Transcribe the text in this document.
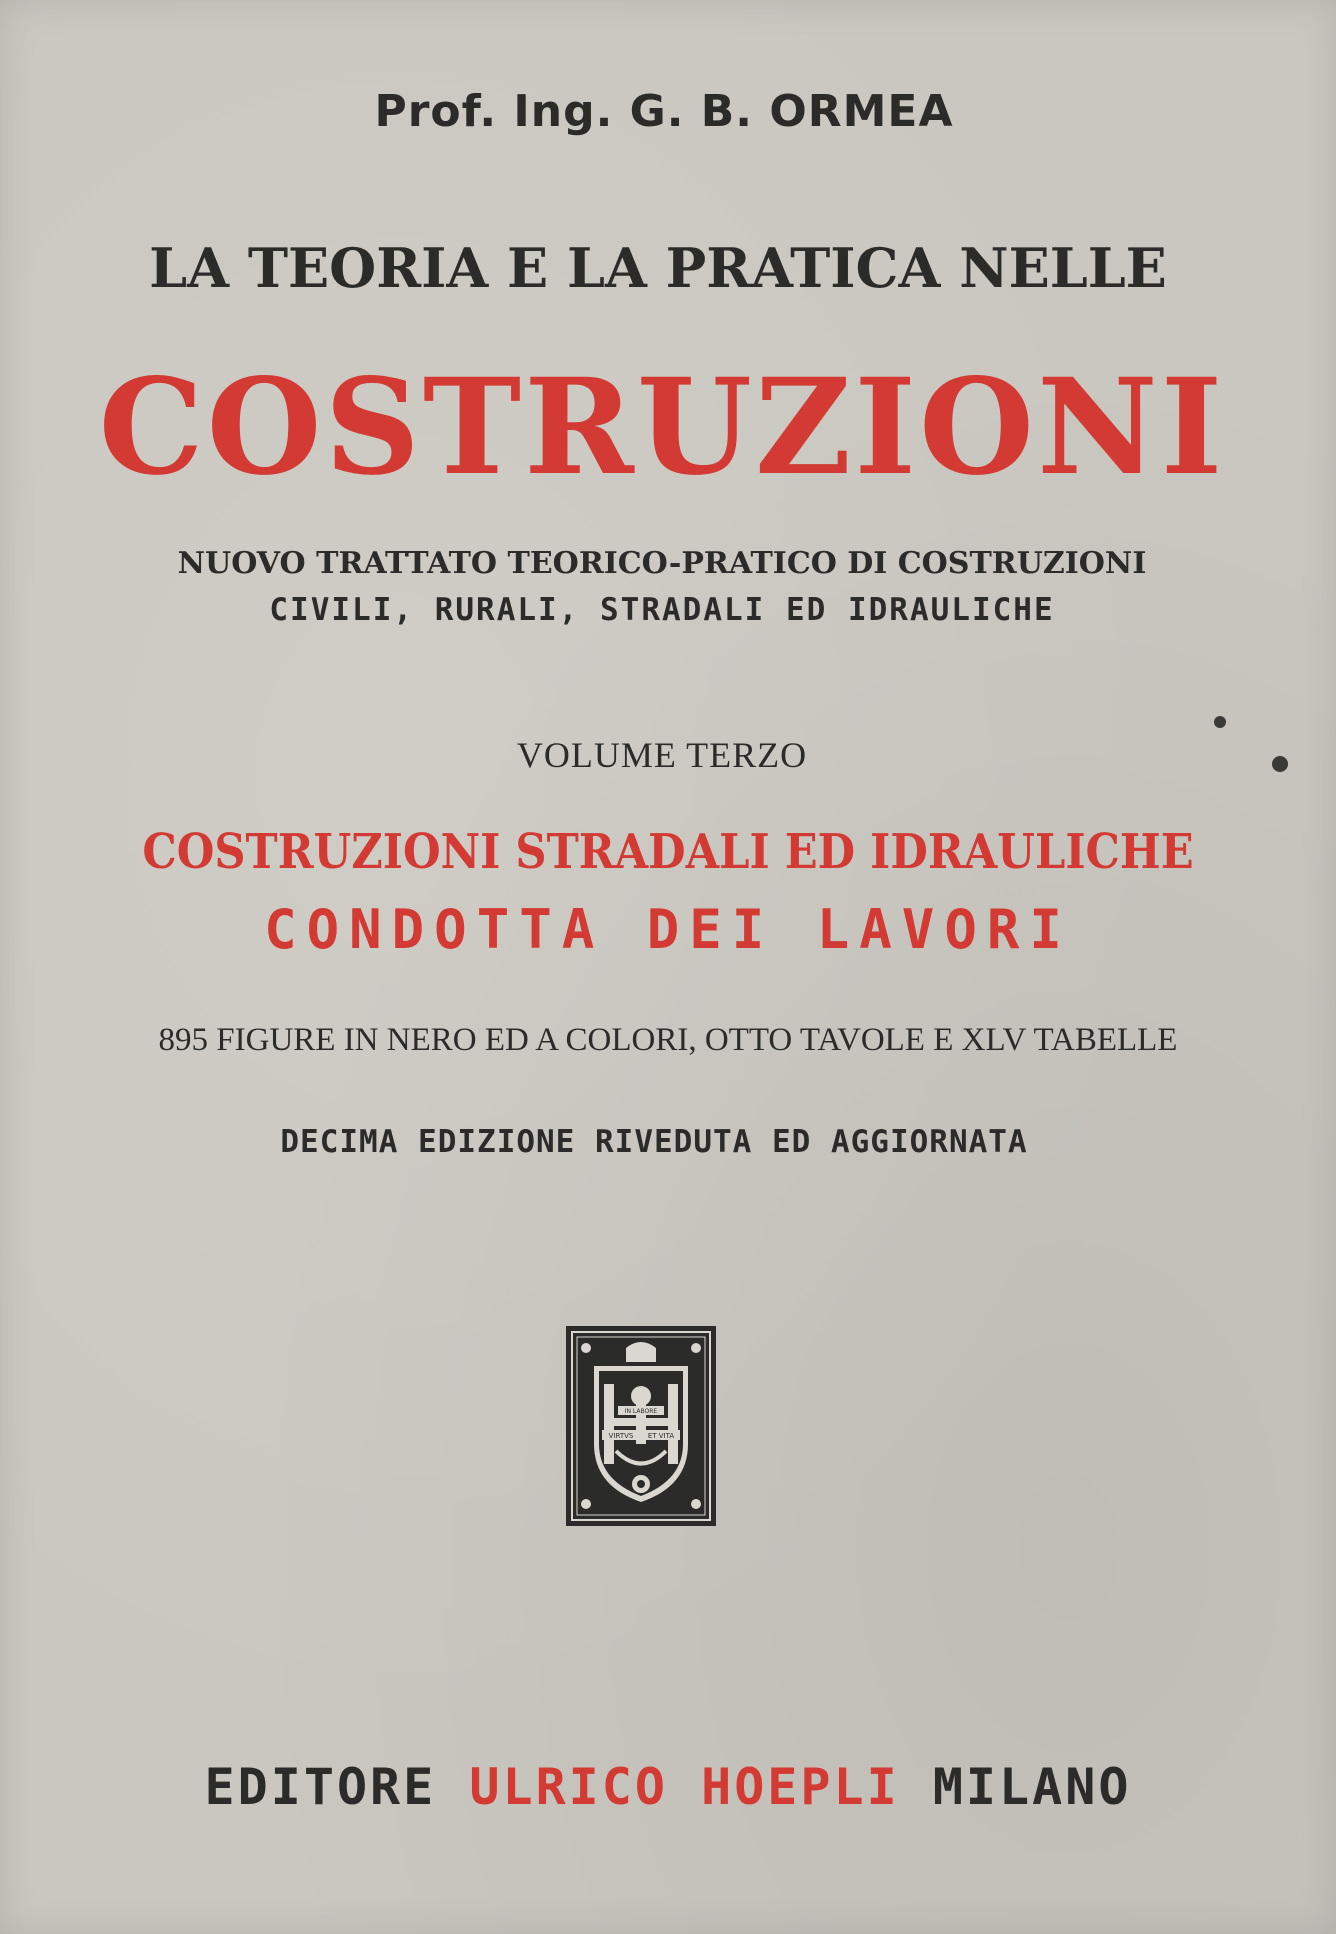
Prof. Ing. G. B. ORMEA
LA TEORIA E LA PRATICA NELLE
COSTRUZIONI
NUOVO TRATTATO TEORICO-PRATICO DI COSTRUZIONI
CIVILI, RURALI, STRADALI ED IDRAULICHE
VOLUME TERZO
COSTRUZIONI STRADALI ED IDRAULICHE
CONDOTTA DEI LAVORI
895 FIGURE IN NERO ED A COLORI, OTTO TAVOLE E XLV TABELLE
DECIMA EDIZIONE RIVEDUTA ED AGGIORNATA
IN LABORE
VIRTVS ET VITA
EDITORE ULRICO HOEPLI MILANO
